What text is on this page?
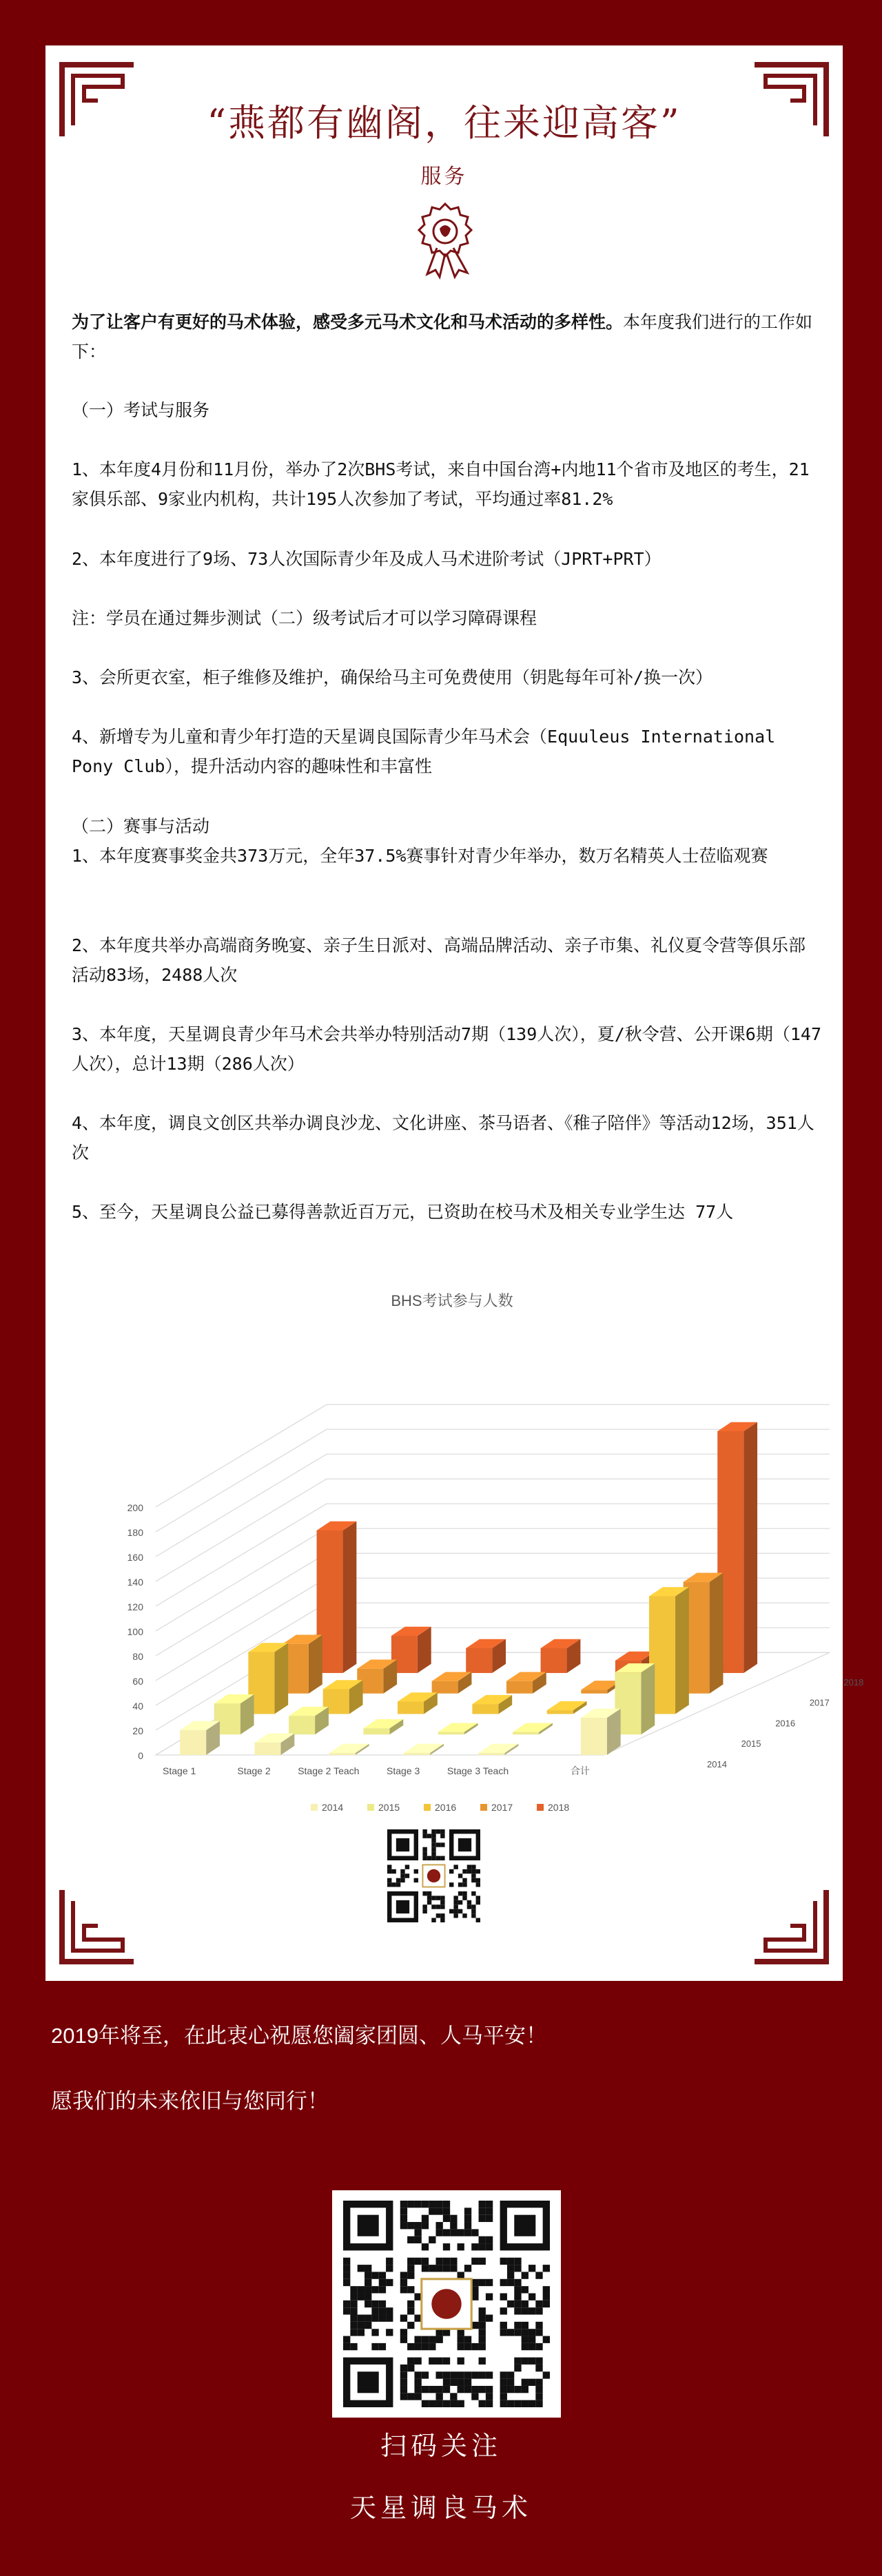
“燕都有幽阁，往来迎高客”
服务
为了让客户有更好的马术体验，感受多元马术文化和马术活动的多样性。本年度我们进行的工作如下：
（一）考试与服务
1、本年度4月份和11月份，举办了2次BHS考试，来自中国台湾+内地11个省市及地区的考生，21家俱乐部、9家业内机构，共计195人次参加了考试，平均通过率81.2%
2、本年度进行了9场、73人次国际青少年及成人马术进阶考试（JPRT+PRT）
注：学员在通过舞步测试（二）级考试后才可以学习障碍课程
3、会所更衣室，柜子维修及维护，确保给马主可免费使用（钥匙每年可补/换一次）
4、新增专为儿童和青少年打造的天星调良国际青少年马术会（Equuleus International Pony Club），提升活动内容的趣味性和丰富性
（二）赛事与活动
1、本年度赛事奖金共373万元，全年37.5%赛事针对青少年举办，数万名精英人士莅临观赛
2、本年度共举办高端商务晚宴、亲子生日派对、高端品牌活动、亲子市集、礼仪夏令营等俱乐部活动83场，2488人次
3、本年度，天星调良青少年马术会共举办特别活动7期（139人次），夏/秋令营、公开课6期（147人次），总计13期（286人次）
4、本年度，调良文创区共举办调良沙龙、文化讲座、茶马语者、《稚子陪伴》等活动12场，351人次
5、至今，天星调良公益已募得善款近百万元，已资助在校马术及相关专业学生达 77人
BHS考试参与人数
0
20
40
60
80
100
120
140
160
180
200
2018
2017
2016
2015
2014
Stage 1	Stage 2	Stage 2 Teach	Stage 3	Stage 3 Teach	合计
2014	2015	2016	2017	2018
2019年将至，在此衷心祝愿您阖家团圆、人马平安！
愿我们的未来依旧与您同行！
扫码关注
天星调良马术
